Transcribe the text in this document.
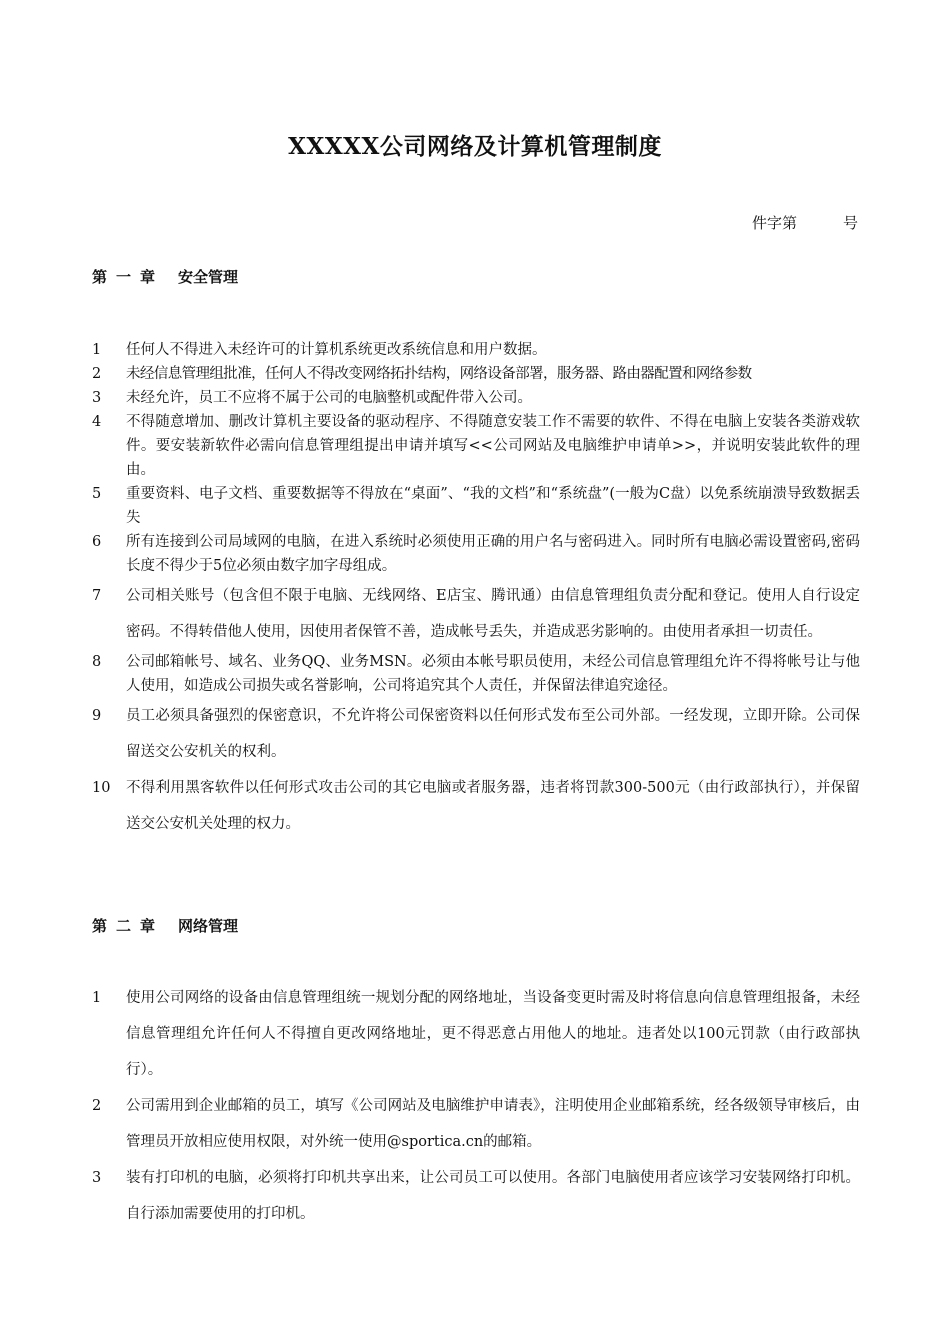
XXXXX公司网络及计算机管理制度
件字第	号
第一章 安全管理
1	任何人不得进入未经许可的计算机系统更改系统信息和用户数据。
2	未经信息管理组批准，任何人不得改变网络拓扑结构，网络设备部署，服务器、路由器配置和网络参数
3	未经允许，员工不应将不属于公司的电脑整机或配件带入公司。
4	不得随意增加、删改计算机主要设备的驱动程序、不得随意安装工作不需要的软件、不得在电脑上安装各类游戏软件。要安装新软件必需向信息管理组提出申请并填写<<公司网站及电脑维护申请单>>，并说明安装此软件的理由。
5	重要资料、电子文档、重要数据等不得放在“桌面”、“我的文档”和“系统盘”(一般为C盘）以免系统崩溃导致数据丢失
6	所有连接到公司局域网的电脑，在进入系统时必须使用正确的用户名与密码进入。同时所有电脑必需设置密码,密码长度不得少于5位必须由数字加字母组成。
7	公司相关账号（包含但不限于电脑、无线网络、E店宝、腾讯通）由信息管理组负责分配和登记。使用人自行设定密码。不得转借他人使用，因使用者保管不善，造成帐号丢失，并造成恶劣影响的。由使用者承担一切责任。
8	公司邮箱帐号、域名、业务QQ、业务MSN。必须由本帐号职员使用，未经公司信息管理组允许不得将帐号让与他人使用，如造成公司损失或名誉影响，公司将追究其个人责任，并保留法律追究途径。
9	员工必须具备强烈的保密意识，不允许将公司保密资料以任何形式发布至公司外部。一经发现，立即开除。公司保留送交公安机关的权利。
10	不得利用黑客软件以任何形式攻击公司的其它电脑或者服务器，违者将罚款300-500元（由行政部执行），并保留送交公安机关处理的权力。
第二章 网络管理
1	使用公司网络的设备由信息管理组统一规划分配的网络地址，当设备变更时需及时将信息向信息管理组报备，未经信息管理组允许任何人不得擅自更改网络地址，更不得恶意占用他人的地址。违者处以100元罚款（由行政部执行）。
2	公司需用到企业邮箱的员工，填写《公司网站及电脑维护申请表》，注明使用企业邮箱系统，经各级领导审核后，由管理员开放相应使用权限，对外统一使用@sportica.cn的邮箱。
3	装有打印机的电脑，必须将打印机共享出来，让公司员工可以使用。各部门电脑使用者应该学习安装网络打印机。自行添加需要使用的打印机。
